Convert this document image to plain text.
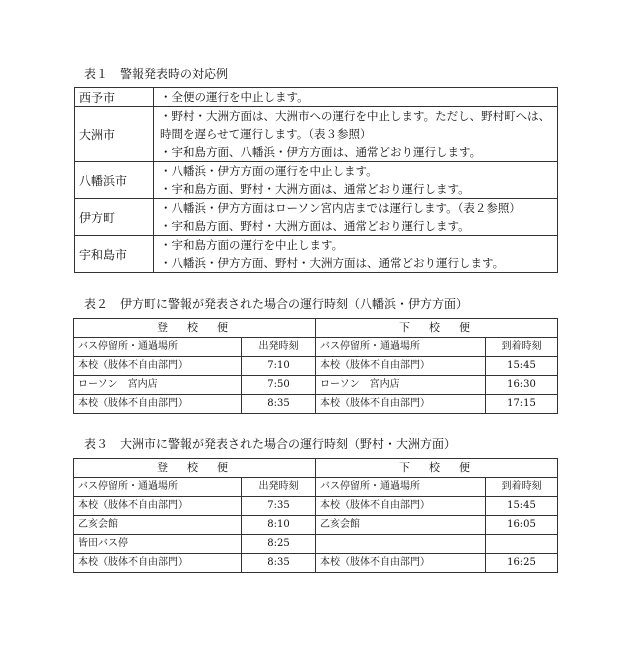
表１　警報発表時の対応例
西予市	・全便の運行を中止します。

大洲市	・野村・大洲方面は、大洲市への運行を中止します。ただし、野村町へは、
時間を遅らせて運行します。（表３参照）
・宇和島方面、八幡浜・伊方方面は、通常どおり運行します。

八幡浜市	・八幡浜・伊方方面の運行を中止します。
・宇和島方面、野村・大洲方面は、通常どおり運行します。

伊方町	・八幡浜・伊方方面はローソン宮内店までは運行します。（表２参照）
・宇和島方面、野村・大洲方面は、通常どおり運行します。

宇和島市	・宇和島方面の運行を中止します。
・八幡浜・伊方方面、野村・大洲方面は、通常どおり運行します。
表２　伊方町に警報が発表された場合の運行時刻（八幡浜・伊方方面）
登　校　便		下　校　便	
バス停留所・通過場所	出発時刻	バス停留所・通過場所	到着時刻
本校（肢体不自由部門）	7:10	本校（肢体不自由部門）	15:45
ローソン　宮内店	7:50	ローソン　宮内店	16:30
本校（肢体不自由部門）	8:35	本校（肢体不自由部門）	17:15
表３　大洲市に警報が発表された場合の運行時刻（野村・大洲方面）
登　校　便		下　校　便	
バス停留所・通過場所	出発時刻	バス停留所・通過場所	到着時刻
本校（肢体不自由部門）	7:35	本校（肢体不自由部門）	15:45
乙亥会館	8:10	乙亥会館	16:05
皆田バス停	8:25		
本校（肢体不自由部門）	8:35	本校（肢体不自由部門）	16:25
